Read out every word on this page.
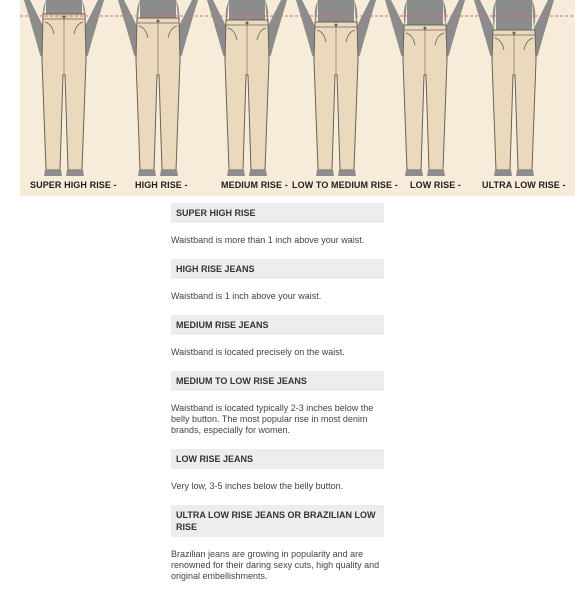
SUPER HIGH RISE - HIGH RISE -	MEDIUM RISE - LOW TO MEDIUM RISE - LOW RISE - ULTRA LOW RISE -
SUPER HIGH RISE
Waistband is more than 1 inch above your waist.
HIGH RISE JEANS
Waistband is 1 inch above your waist.
MEDIUM RISE JEANS
Waistband is located precisely on the waist.
MEDIUM TO LOW RISE JEANS
Waistband is located typically 2-3 inches below the belly button. The most popular rise in most denim brands, especially for women.
LOW RISE JEANS
Very low, 3-5 inches below the belly button.
ULTRA LOW RISE JEANS OR BRAZILIAN LOW RISE
Brazilian jeans are growing in popularity and are renowned for their daring sexy cuts, high quality and original embellishments.
